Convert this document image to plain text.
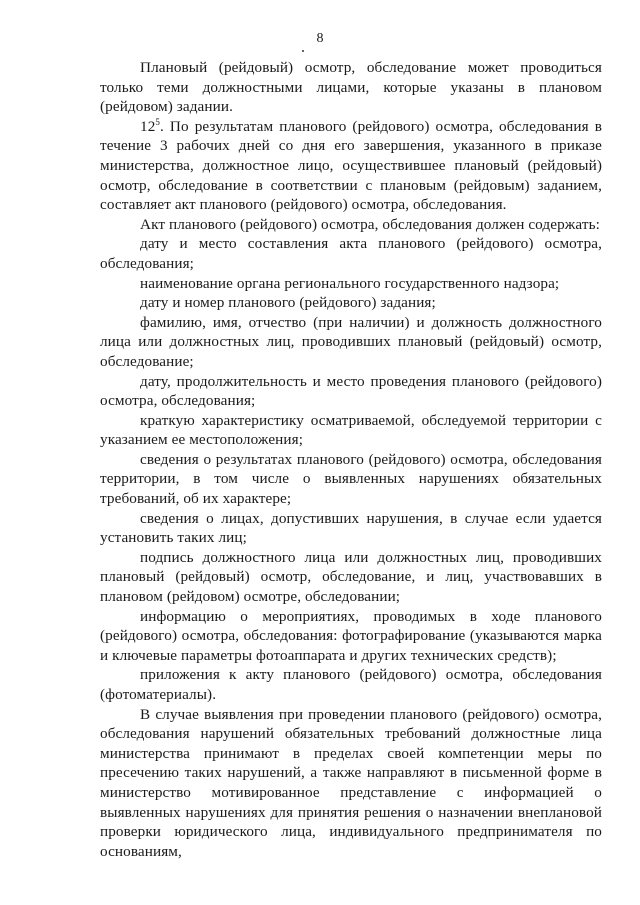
8

Плановый (рейдовый) осмотр, обследование может проводиться только теми должностными лицами, которые указаны в плановом (рейдовом) задании.

$12^5$. По результатам планового (рейдового) осмотра, обследования в течение 3 рабочих дней со дня его завершения, указанного в приказе министерства, должностное лицо, осуществившее плановый (рейдовый) осмотр, обследование в соответствии с плановым (рейдовым) заданием, составляет акт планового (рейдового) осмотра, обследования.

Акт планового (рейдового) осмотра, обследования должен содержать:

дату и место составления акта планового (рейдового) осмотра, обследования;

наименование органа регионального государственного надзора;

дату и номер планового (рейдового) задания;

фамилию, имя, отчество (при наличии) и должность должностного лица или должностных лиц, проводивших плановый (рейдовый) осмотр, обследование;

дату, продолжительность и место проведения планового (рейдового) осмотра, обследования;

краткую характеристику осматриваемой, обследуемой территории с указанием ее местоположения;

сведения о результатах планового (рейдового) осмотра, обследования территории, в том числе о выявленных нарушениях обязательных требований, об их характере;

сведения о лицах, допустивших нарушения, в случае если удается установить таких лиц;

подпись должностного лица или должностных лиц, проводивших плановый (рейдовый) осмотр, обследование, и лиц, участвовавших в плановом (рейдовом) осмотре, обследовании;

информацию о мероприятиях, проводимых в ходе планового (рейдового) осмотра, обследования: фотографирование (указываются марка и ключевые параметры фотоаппарата и других технических средств);

приложения к акту планового (рейдового) осмотра, обследования (фотоматериалы).

В случае выявления при проведении планового (рейдового) осмотра, обследования нарушений обязательных требований должностные лица министерства принимают в пределах своей компетенции меры по пресечению таких нарушений, а также направляют в письменной форме в министерство мотивированное представление с информацией о выявленных нарушениях для принятия решения о назначении внеплановой проверки юридического лица, индивидуального предпринимателя по основаниям,
